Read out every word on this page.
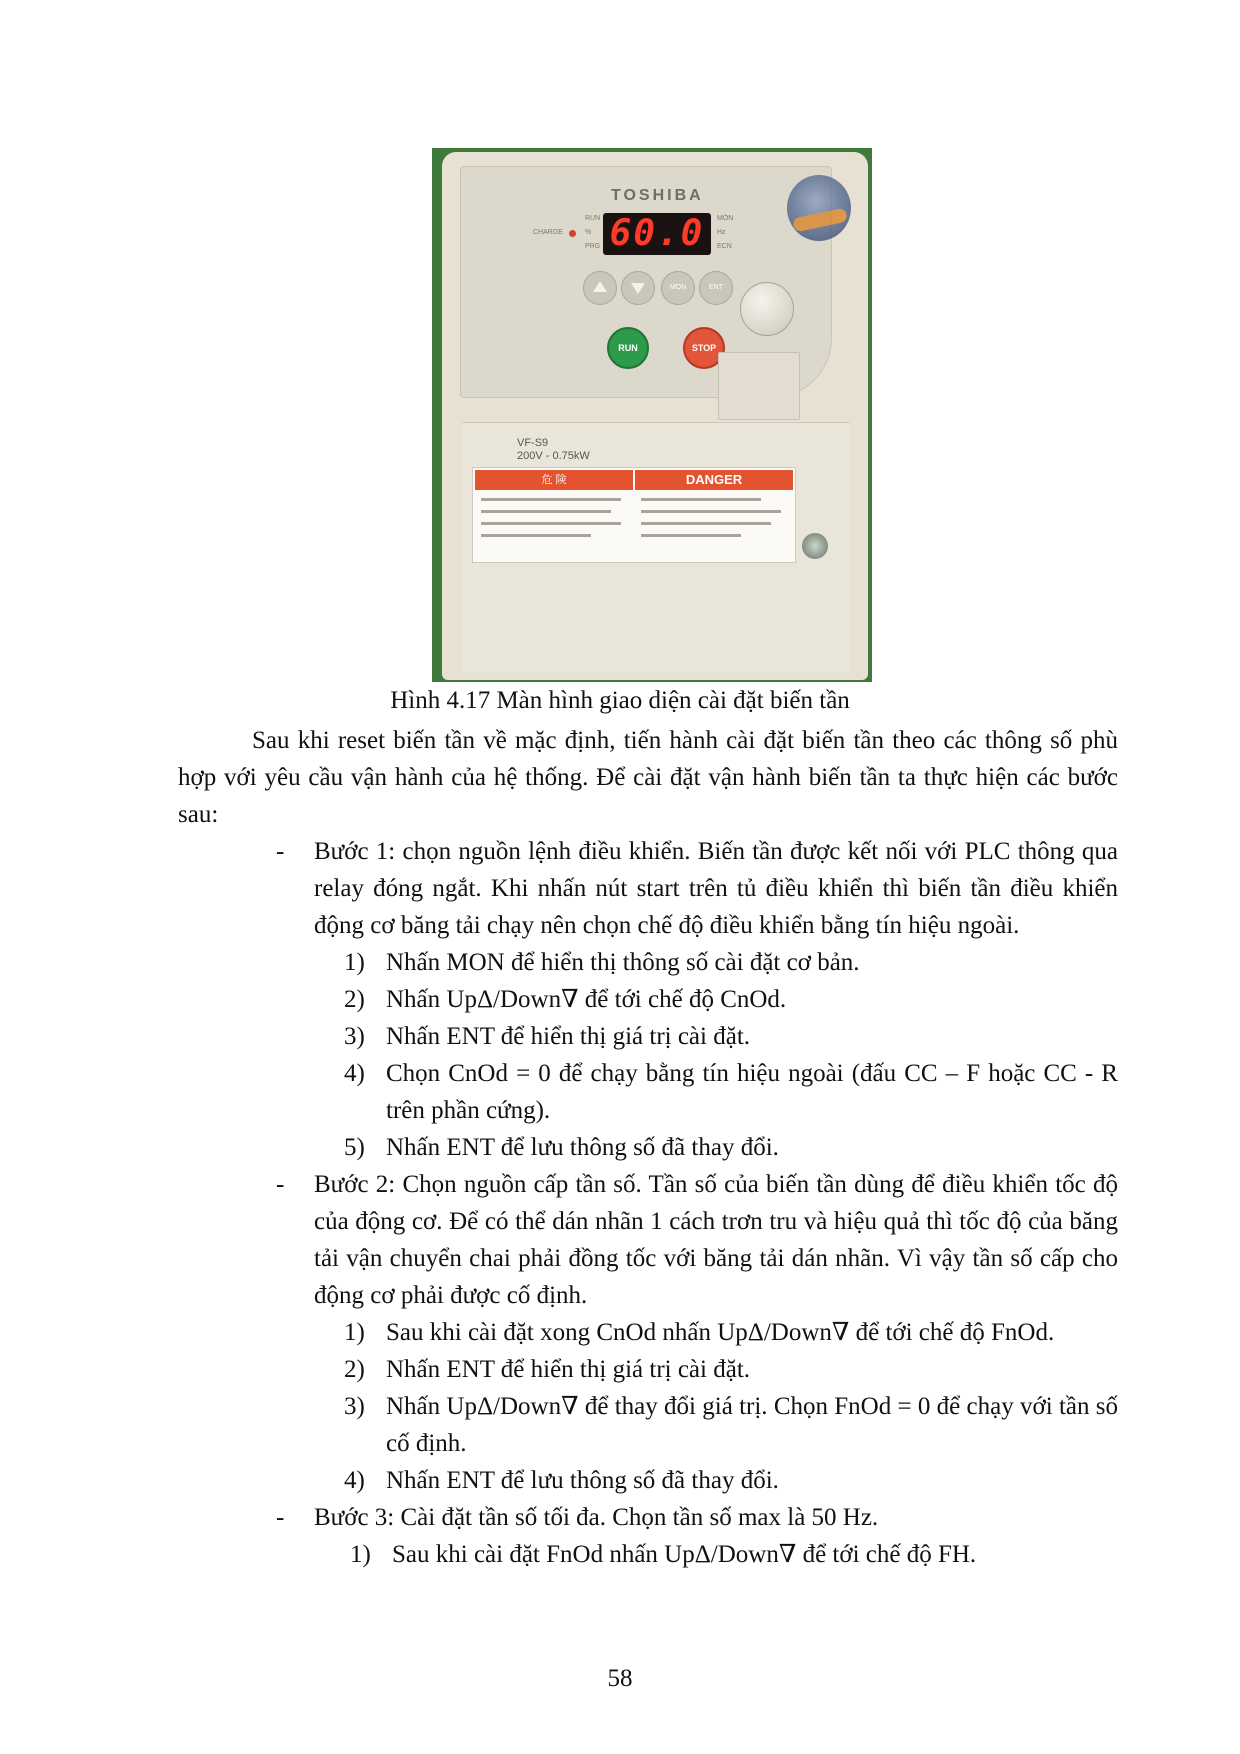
TOSHIBA
CHARGE
RUN
%
PRG
MON
Hz
ECN
60.0
MON	ENT
RUN	STOP
VF-S9
200V - 0.75kW
危 険	DANGER
Hình 4.17 Màn hình giao diện cài đặt biến tần

Sau khi reset biến tần về mặc định, tiến hành cài đặt biến tần theo các thông số phù hợp với yêu cầu vận hành của hệ thống. Để cài đặt vận hành biến tần ta thực hiện các bước sau:

- Bước 1: chọn nguồn lệnh điều khiển. Biến tần được kết nối với PLC thông qua relay đóng ngắt. Khi nhấn nút start trên tủ điều khiển thì biến tần điều khiển động cơ băng tải chạy nên chọn chế độ điều khiển bằng tín hiệu ngoài.

1) Nhấn MON để hiển thị thông số cài đặt cơ bản.
2) Nhấn UpΔ/Down∇ để tới chế độ CnOd.
3) Nhấn ENT để hiển thị giá trị cài đặt.
4) Chọn CnOd = 0 để chạy bằng tín hiệu ngoài (đấu CC – F hoặc CC - R trên phần cứng).
5) Nhấn ENT để lưu thông số đã thay đổi.
- Bước 2: Chọn nguồn cấp tần số. Tần số của biến tần dùng để điều khiển tốc độ của động cơ. Để có thể dán nhãn 1 cách trơn tru và hiệu quả thì tốc độ của băng tải vận chuyển chai phải đồng tốc với băng tải dán nhãn. Vì vậy tần số cấp cho động cơ phải được cố định.

1) Sau khi cài đặt xong CnOd nhấn UpΔ/Down∇ để tới chế độ FnOd.
2) Nhấn ENT để hiển thị giá trị cài đặt.
3) Nhấn UpΔ/Down∇ để thay đổi giá trị. Chọn FnOd = 0 để chạy với tần số cố định.
4) Nhấn ENT để lưu thông số đã thay đổi.
- Bước 3: Cài đặt tần số tối đa. Chọn tần số max là 50 Hz.

1) Sau khi cài đặt FnOd nhấn UpΔ/Down∇ để tới chế độ FH.
58
